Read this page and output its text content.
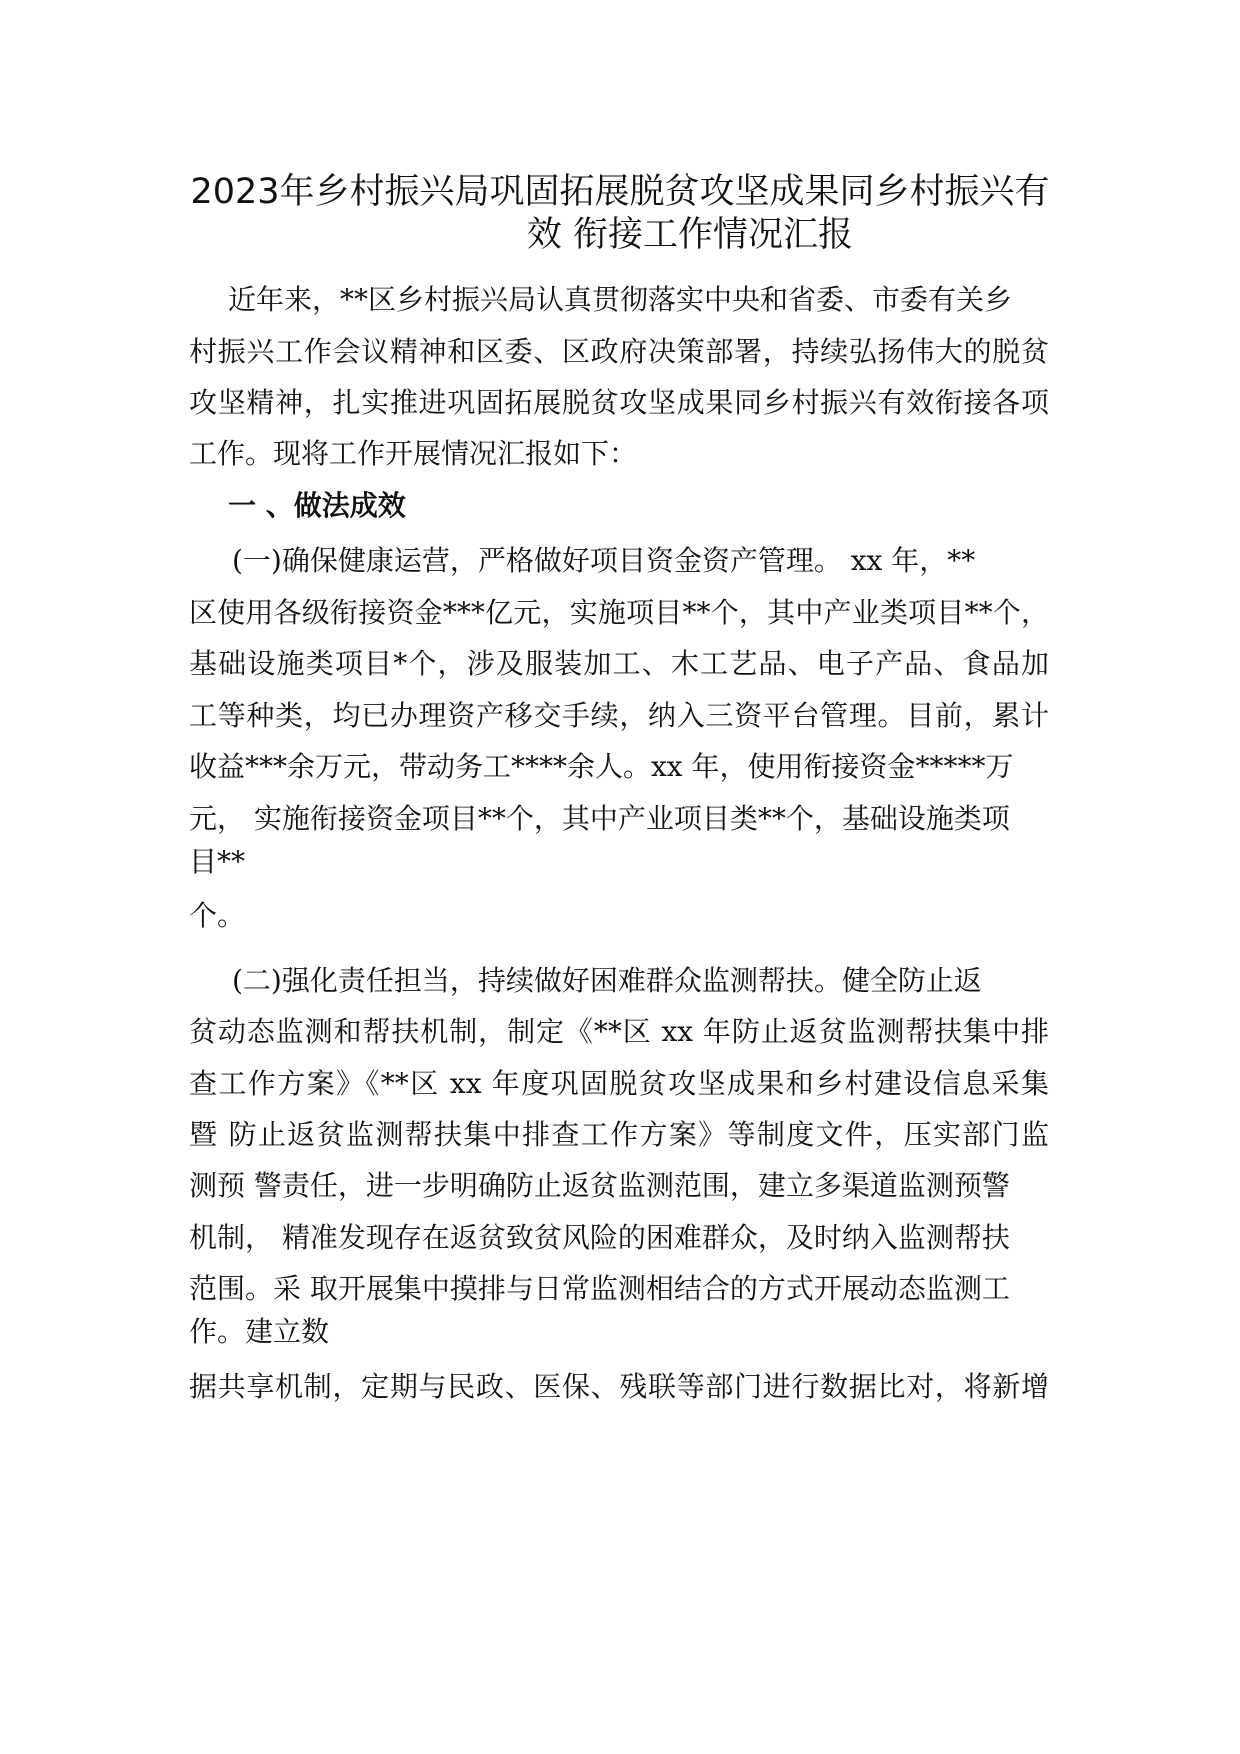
2023年乡村振兴局巩固拓展脱贫攻坚成果同乡村振兴有
效 衔接工作情况汇报
近年来，**区乡村振兴局认真贯彻落实中央和省委、市委有关乡
村振兴工作会议精神和区委、区政府决策部署，持续弘扬伟大的脱贫
攻坚精神，扎实推进巩固拓展脱贫攻坚成果同乡村振兴有效衔接各项
工作。现将工作开展情况汇报如下：
一 、做法成效
(一)确保健康运营，严格做好项目资金资产管理。 xx 年，**
区使用各级衔接资金***亿元，实施项目**个，其中产业类项目**个，
基础设施类项目*个，涉及服装加工、木工艺品、电子产品、食品加
工等种类，均已办理资产移交手续，纳入三资平台管理。目前，累计
收益***余万元，带动务工****余人。xx 年，使用衔接资金*****万
元， 实施衔接资金项目**个，其中产业项目类**个，基础设施类项
目**
个。
(二)强化责任担当，持续做好困难群众监测帮扶。健全防止返
贫动态监测和帮扶机制，制定《**区 xx 年防止返贫监测帮扶集中排
查工作方案》《**区 xx 年度巩固脱贫攻坚成果和乡村建设信息采集
暨 防止返贫监测帮扶集中排查工作方案》等制度文件，压实部门监
测预 警责任，进一步明确防止返贫监测范围，建立多渠道监测预警
机制， 精准发现存在返贫致贫风险的困难群众，及时纳入监测帮扶
范围。采 取开展集中摸排与日常监测相结合的方式开展动态监测工
作。建立数
据共享机制，定期与民政、医保、残联等部门进行数据比对，将新增
